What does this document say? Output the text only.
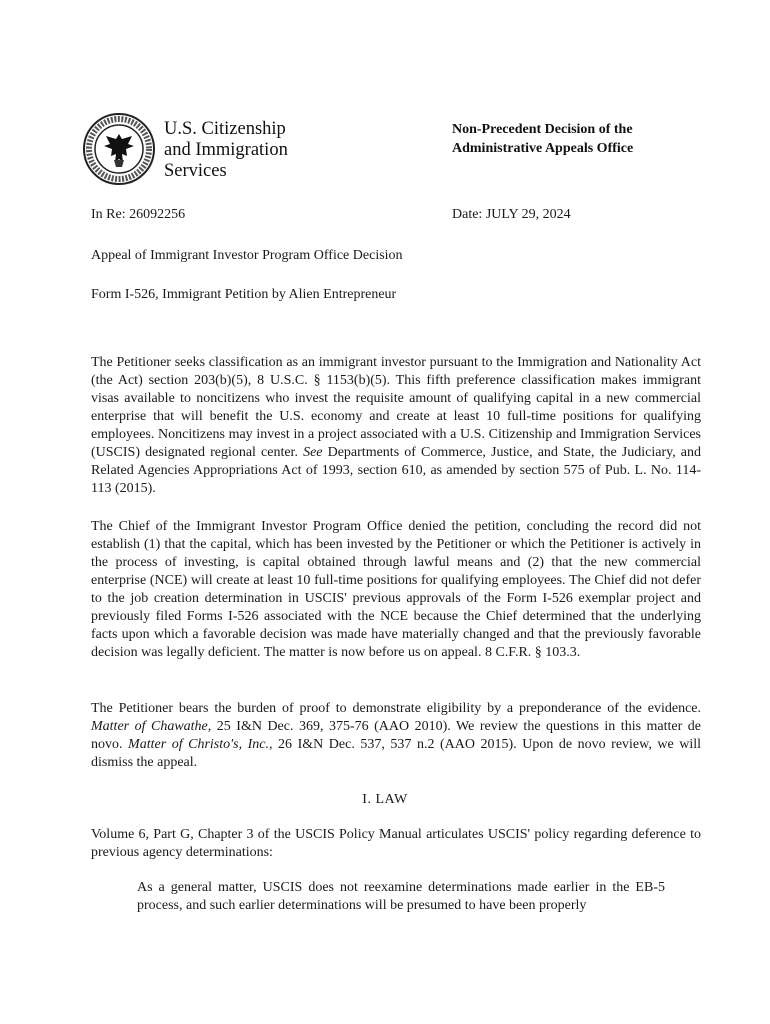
U.S. Citizenship
and Immigration
Services
Non-Precedent Decision of the
Administrative Appeals Office
In Re: 26092256	Date: JULY 29, 2024
Appeal of Immigrant Investor Program Office Decision
Form I-526, Immigrant Petition by Alien Entrepreneur

The Petitioner seeks classification as an immigrant investor pursuant to the Immigration and Nationality Act (the Act) section 203(b)(5), 8 U.S.C. § 1153(b)(5). This fifth preference classification makes immigrant visas available to noncitizens who invest the requisite amount of qualifying capital in a new commercial enterprise that will benefit the U.S. economy and create at least 10 full-time positions for qualifying employees. Noncitizens may invest in a project associated with a U.S. Citizenship and Immigration Services (USCIS) designated regional center. See Departments of Commerce, Justice, and State, the Judiciary, and Related Agencies Appropriations Act of 1993, section 610, as amended by section 575 of Pub. L. No. 114-113 (2015).

The Chief of the Immigrant Investor Program Office denied the petition, concluding the record did not establish (1) that the capital, which has been invested by the Petitioner or which the Petitioner is actively in the process of investing, is capital obtained through lawful means and (2) that the new commercial enterprise (NCE) will create at least 10 full-time positions for qualifying employees. The Chief did not defer to the job creation determination in USCIS' previous approvals of the Form I-526 exemplar project and previously filed Forms I-526 associated with the NCE because the Chief determined that the underlying facts upon which a favorable decision was made have materially changed and that the previously favorable decision was legally deficient. The matter is now before us on appeal. 8 C.F.R. § 103.3.

The Petitioner bears the burden of proof to demonstrate eligibility by a preponderance of the evidence. Matter of Chawathe, 25 I&N Dec. 369, 375-76 (AAO 2010). We review the questions in this matter de novo. Matter of Christo's, Inc., 26 I&N Dec. 537, 537 n.2 (AAO 2015). Upon de novo review, we will dismiss the appeal.

I. LAW

Volume 6, Part G, Chapter 3 of the USCIS Policy Manual articulates USCIS' policy regarding deference to previous agency determinations:

As a general matter, USCIS does not reexamine determinations made earlier in the EB-5 process, and such earlier determinations will be presumed to have been properly
